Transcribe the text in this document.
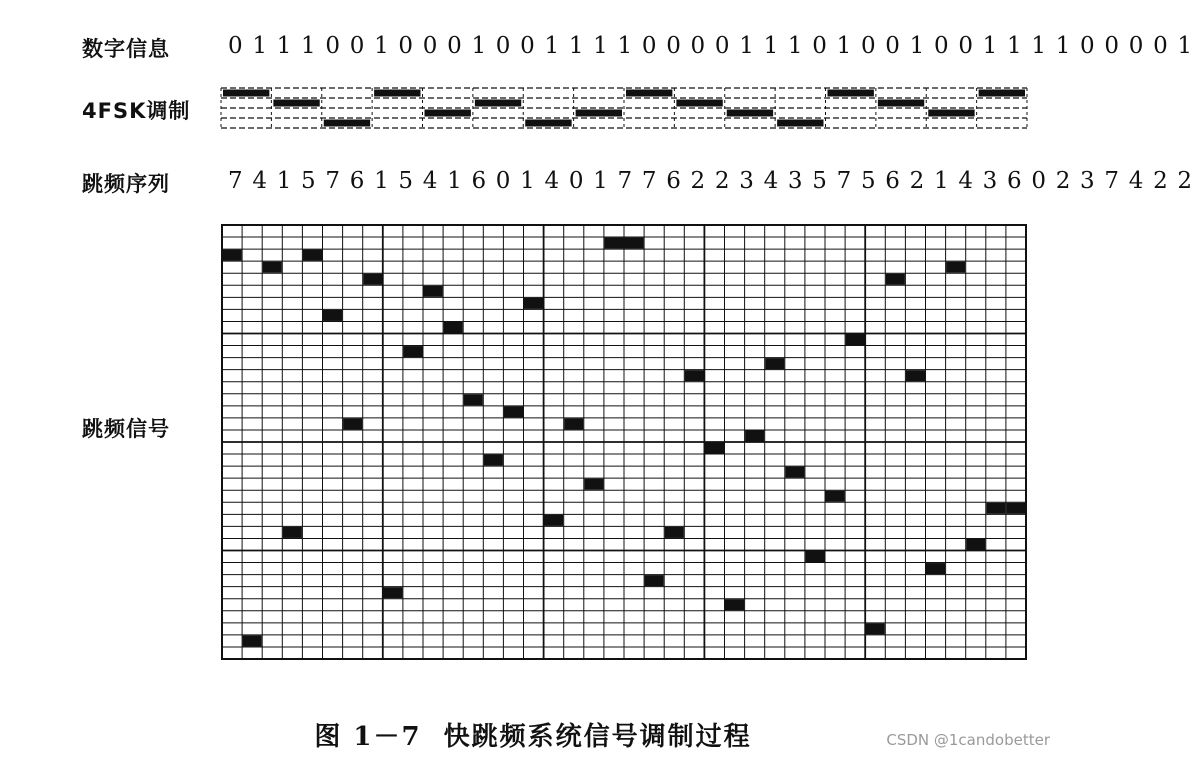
数字信息	0 1 1 1 0 0 1 0 0 0 1 0 0 1 1 1 1 0 0 0 0 1 1 1 0 1 0 0 1 0 0 1 1 1 1 0 0 0 0 1
4FSK调制
跳频序列	7 4 1 5 7 6 1 5 4 1 6 0 1 4 0 1 7 7 6 2 2 3 4 3 5 7 5 6 2 1 4 3 6 0 2 3 7 4 2 2
跳频信号
图 1－7 快跳频系统信号调制过程	CSDN @1candobetter
